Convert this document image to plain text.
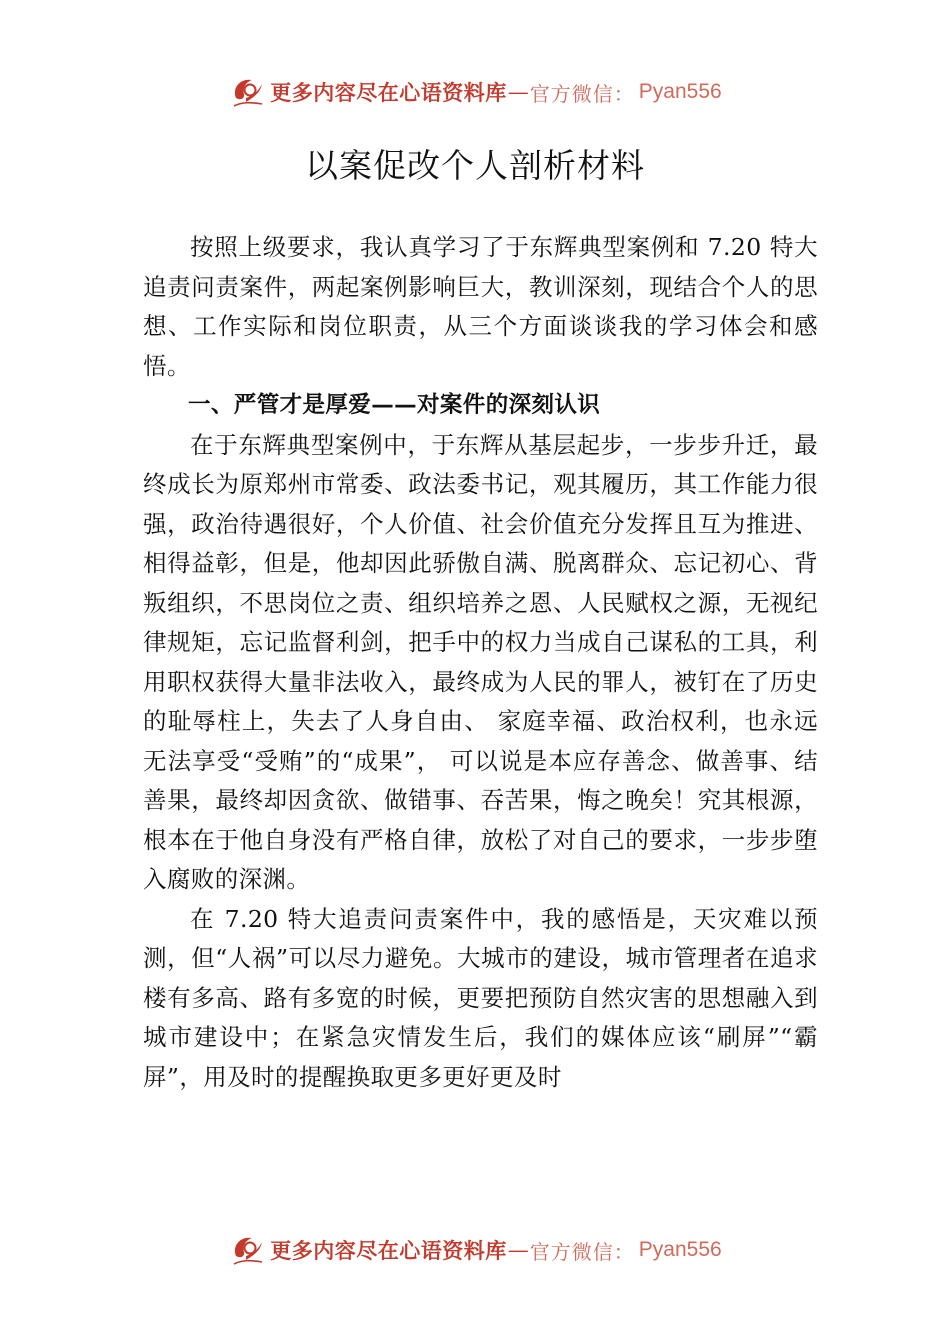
更多内容尽在心语资料库 — 官方微信： Pyan556
以案促改个人剖析材料

按照上级要求，我认真学习了于东辉典型案例和 7.20 特大追责问责案件，两起案例影响巨大，教训深刻，现结合个人的思想、工作实际和岗位职责，从三个方面谈谈我的学习体会和感悟。

一、严管才是厚爱——对案件的深刻认识

在于东辉典型案例中，于东辉从基层起步，一步步升迁，最终成长为原郑州市常委、政法委书记，观其履历，其工作能力很强，政治待遇很好，个人价值、社会价值充分发挥且互为推进、相得益彰，但是，他却因此骄傲自满、脱离群众、忘记初心、背叛组织，不思岗位之责、组织培养之恩、人民赋权之源，无视纪律规矩，忘记监督利剑，把手中的权力当成自己谋私的工具，利用职权获得大量非法收入，最终成为人民的罪人，被钉在了历史的耻辱柱上，失去了人身自由、 家庭幸福、政治权利，也永远无法享受“受贿”的“成果”， 可以说是本应存善念、做善事、结善果，最终却因贪欲、做错事、吞苦果，悔之晚矣！究其根源，根本在于他自身没有严格自律，放松了对自己的要求，一步步堕入腐败的深渊。

在 7.20 特大追责问责案件中，我的感悟是，天灾难以预测，但“人祸”可以尽力避免。大城市的建设，城市管理者在追求楼有多高、路有多宽的时候，更要把预防自然灾害的思想融入到城市建设中；在紧急灾情发生后，我们的媒体应该“刷屏”“霸屏”，用及时的提醒换取更多更好更及时

更多内容尽在心语资料库 — 官方微信： Pyan556
